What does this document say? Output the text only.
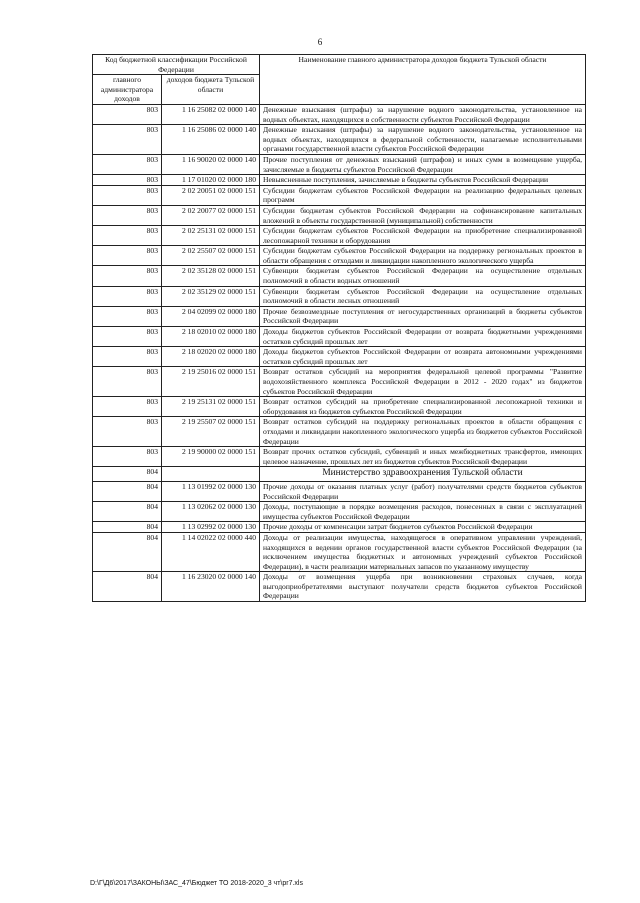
6
Код бюджетной классификации Российской Федерации		Наименование главного администратора доходов бюджета Тульской области
главного администратора доходов	доходов бюджета Тульской области	
803	1 16 25082 02 0000 140	Денежные взыскания (штрафы) за нарушение водного законодательства, установленное на водных объектах, находящихся в собственности субъектов Российской Федерации
803	1 16 25086 02 0000 140	Денежные взыскания (штрафы) за нарушение водного законодательства, установленное на водных объектах, находящихся в федеральной собственности, налагаемые исполнительными органами государственной власти субъектов Российской Федерации
803	1 16 90020 02 0000 140	Прочие поступления от денежных взысканий (штрафов) и иных сумм в возмещение ущерба, зачисляемые в бюджеты субъектов Российской Федерации
803	1 17 01020 02 0000 180	Невыясненные поступления, зачисляемые в бюджеты субъектов Российской Федерации
803	2 02 20051 02 0000 151	Субсидии бюджетам субъектов Российской Федерации на реализацию федеральных целевых программ
803	2 02 20077 02 0000 151	Субсидии бюджетам субъектов Российской Федерации на софинансирование капитальных вложений в объекты государственной (муниципальной) собственности
803	2 02 25131 02 0000 151	Субсидии бюджетам субъектов Российской Федерации на приобретение специализированной лесопожарной техники и оборудования
803	2 02 25507 02 0000 151	Субсидии бюджетам субъектов Российской Федерации на поддержку региональных проектов в области обращения с отходами и ликвидации накопленного экологического ущерба
803	2 02 35128 02 0000 151	Субвенции бюджетам субъектов Российской Федерации на осуществление отдельных полномочий в области водных отношений
803	2 02 35129 02 0000 151	Субвенции бюджетам субъектов Российской Федерации на осуществление отдельных полномочий в области лесных отношений
803	2 04 02099 02 0000 180	Прочие безвозмездные поступления от негосударственных организаций в бюджеты субъектов Российской Федерации
803	2 18 02010 02 0000 180	Доходы бюджетов субъектов Российской Федерации от возврата бюджетными учреждениями остатков субсидий прошлых лет
803	2 18 02020 02 0000 180	Доходы бюджетов субъектов Российской Федерации от возврата автономными учреждениями остатков субсидий прошлых лет
803	2 19 25016 02 0000 151	Возврат остатков субсидий на мероприятия федеральной целевой программы "Развитие водохозяйственного комплекса Российской Федерации в 2012 - 2020 годах" из бюджетов субъектов Российской Федерации
803	2 19 25131 02 0000 151	Возврат остатков субсидий на приобретение специализированной лесопожарной техники и оборудования из бюджетов субъектов Российской Федерации
803	2 19 25507 02 0000 151	Возврат остатков субсидий на поддержку региональных проектов в области обращения с отходами и ликвидации накопленного экологического ущерба из бюджетов субъектов Российской Федерации
803	2 19 90000 02 0000 151	Возврат прочих остатков субсидий, субвенций и иных межбюджетных трансфертов, имеющих целевое назначение, прошлых лет из бюджетов субъектов Российской Федерации
804		Министерство здравоохранения Тульской области
804	1 13 01992 02 0000 130	Прочие доходы от оказания платных услуг (работ) получателями средств бюджетов субъектов Российской Федерации
804	1 13 02062 02 0000 130	Доходы, поступающие в порядке возмещения расходов, понесенных в связи с эксплуатацией имущества субъектов Российской Федерации
804	1 13 02992 02 0000 130	Прочие доходы от компенсации затрат бюджетов субъектов Российской Федерации
804	1 14 02022 02 0000 440	Доходы от реализации имущества, находящегося в оперативном управлении учреждений, находящихся в ведении органов государственной власти субъектов Российской Федерации (за исключением имущества бюджетных и автономных учреждений субъектов Российской Федерации), в части реализации материальных запасов по указанному имуществу
804	1 16 23020 02 0000 140	Доходы от возмещения ущерба при возникновении страховых случаев, когда выгодоприобретателями выступают получатели средств бюджетов субъектов Российской Федерации
D:\Г\Д6\2017\ЗАКОНЫ\ЗАС_47\Бюджет ТО 2018-2020_3 чт\pr7.xls
